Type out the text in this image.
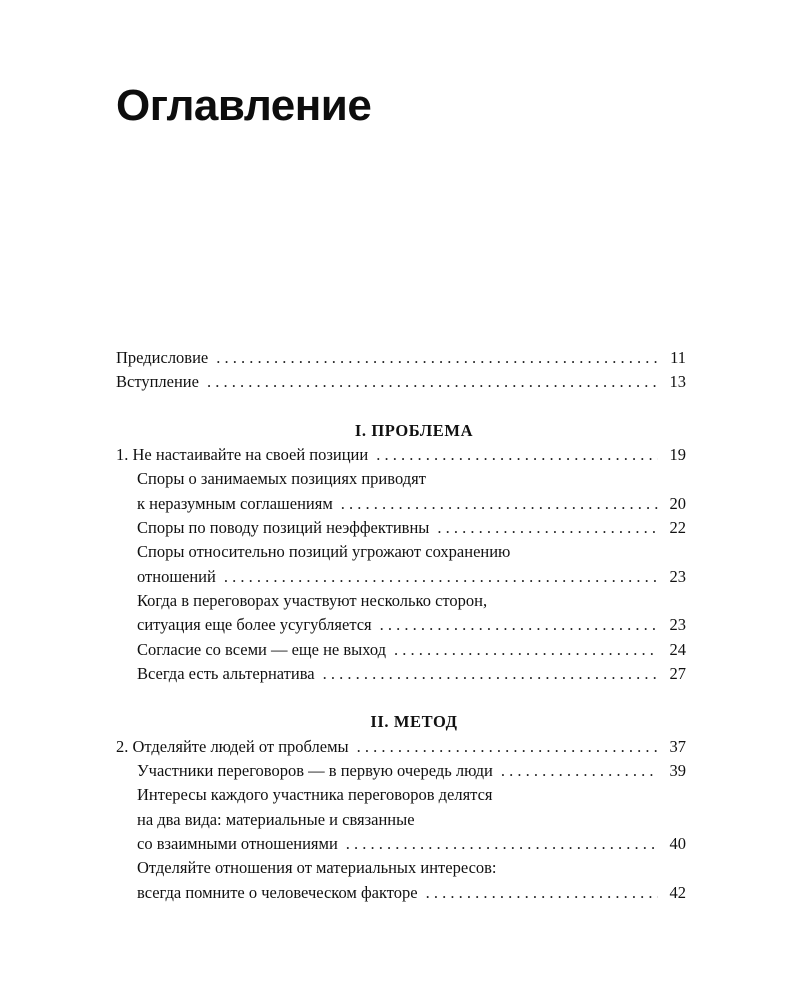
Оглавление
Предисловие . . .	11
Вступление . . .	13
I. ПРОБЛЕМА
1. Не настаивайте на своей позиции . . .	19
Споры о занимаемых позициях приводят
к неразумным соглашениям . . .	20
Споры по поводу позиций неэффективны . . .	22
Споры относительно позиций угрожают сохранению
отношений . . .	23
Когда в переговорах участвуют несколько сторон,
ситуация еще более усугубляется . . .	23
Согласие со всеми — еще не выход . . .	24
Всегда есть альтернатива . . .	27
II. МЕТОД
2. Отделяйте людей от проблемы . . .	37
Участники переговоров — в первую очередь люди . . .	39
Интересы каждого участника переговоров делятся
на два вида: материальные и связанные
со взаимными отношениями . . .	40
Отделяйте отношения от материальных интересов:
всегда помните о человеческом факторе . . .	42
